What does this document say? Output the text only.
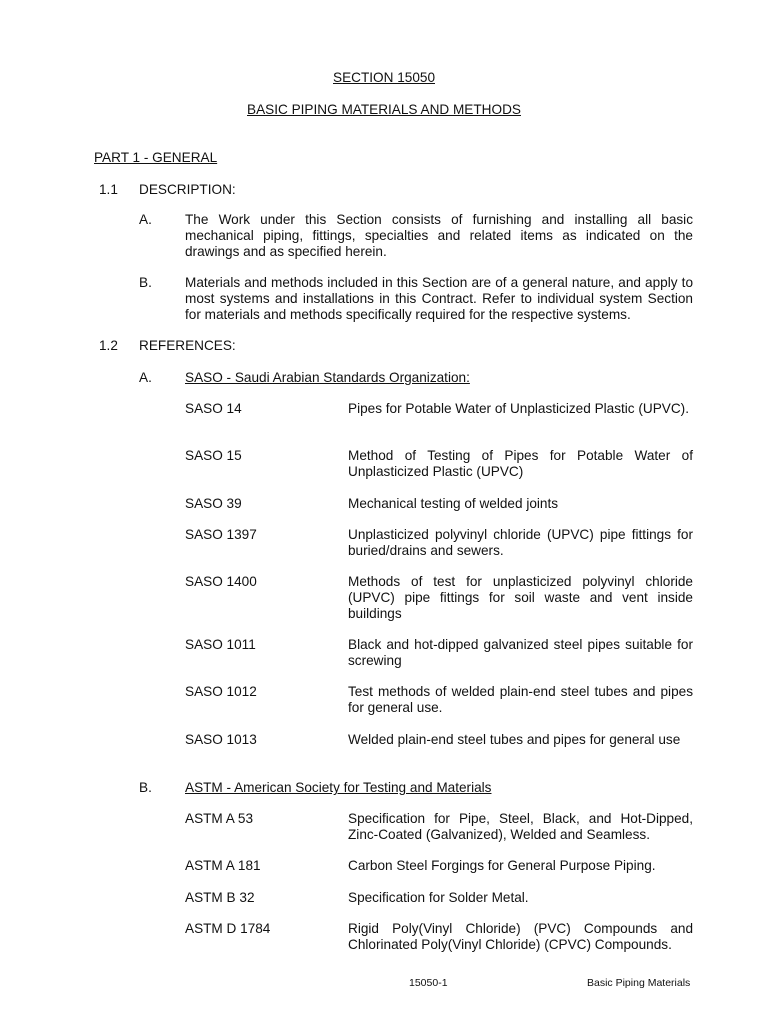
SECTION 15050
BASIC PIPING MATERIALS AND METHODS
PART 1 - GENERAL
1.1 DESCRIPTION:
A. The Work under this Section consists of furnishing and installing all basic mechanical piping, fittings, specialties and related items as indicated on the drawings and as specified herein.
B. Materials and methods included in this Section are of a general nature, and apply to most systems and installations in this Contract. Refer to individual system Section for materials and methods specifically required for the respective systems.
1.2 REFERENCES:
A. SASO - Saudi Arabian Standards Organization:
SASO 14	Pipes for Potable Water of Unplasticized Plastic (UPVC).
SASO 15	Method of Testing of Pipes for Potable Water of Unplasticized Plastic (UPVC)
SASO 39	Mechanical testing of welded joints
SASO 1397	Unplasticized polyvinyl chloride (UPVC) pipe fittings for buried/drains and sewers.
SASO 1400	Methods of test for unplasticized polyvinyl chloride (UPVC) pipe fittings for soil waste and vent inside buildings
SASO 1011	Black and hot-dipped galvanized steel pipes suitable for screwing
SASO 1012	Test methods of welded plain-end steel tubes and pipes for general use.
SASO 1013	Welded plain-end steel tubes and pipes for general use
B. ASTM - American Society for Testing and Materials
ASTM A 53	Specification for Pipe, Steel, Black, and Hot-Dipped, Zinc-Coated (Galvanized), Welded and Seamless.
ASTM A 181	Carbon Steel Forgings for General Purpose Piping.
ASTM B 32	Specification for Solder Metal.
ASTM D 1784	Rigid Poly(Vinyl Chloride) (PVC) Compounds and Chlorinated Poly(Vinyl Chloride) (CPVC) Compounds.
15050-1	Basic Piping Materials
